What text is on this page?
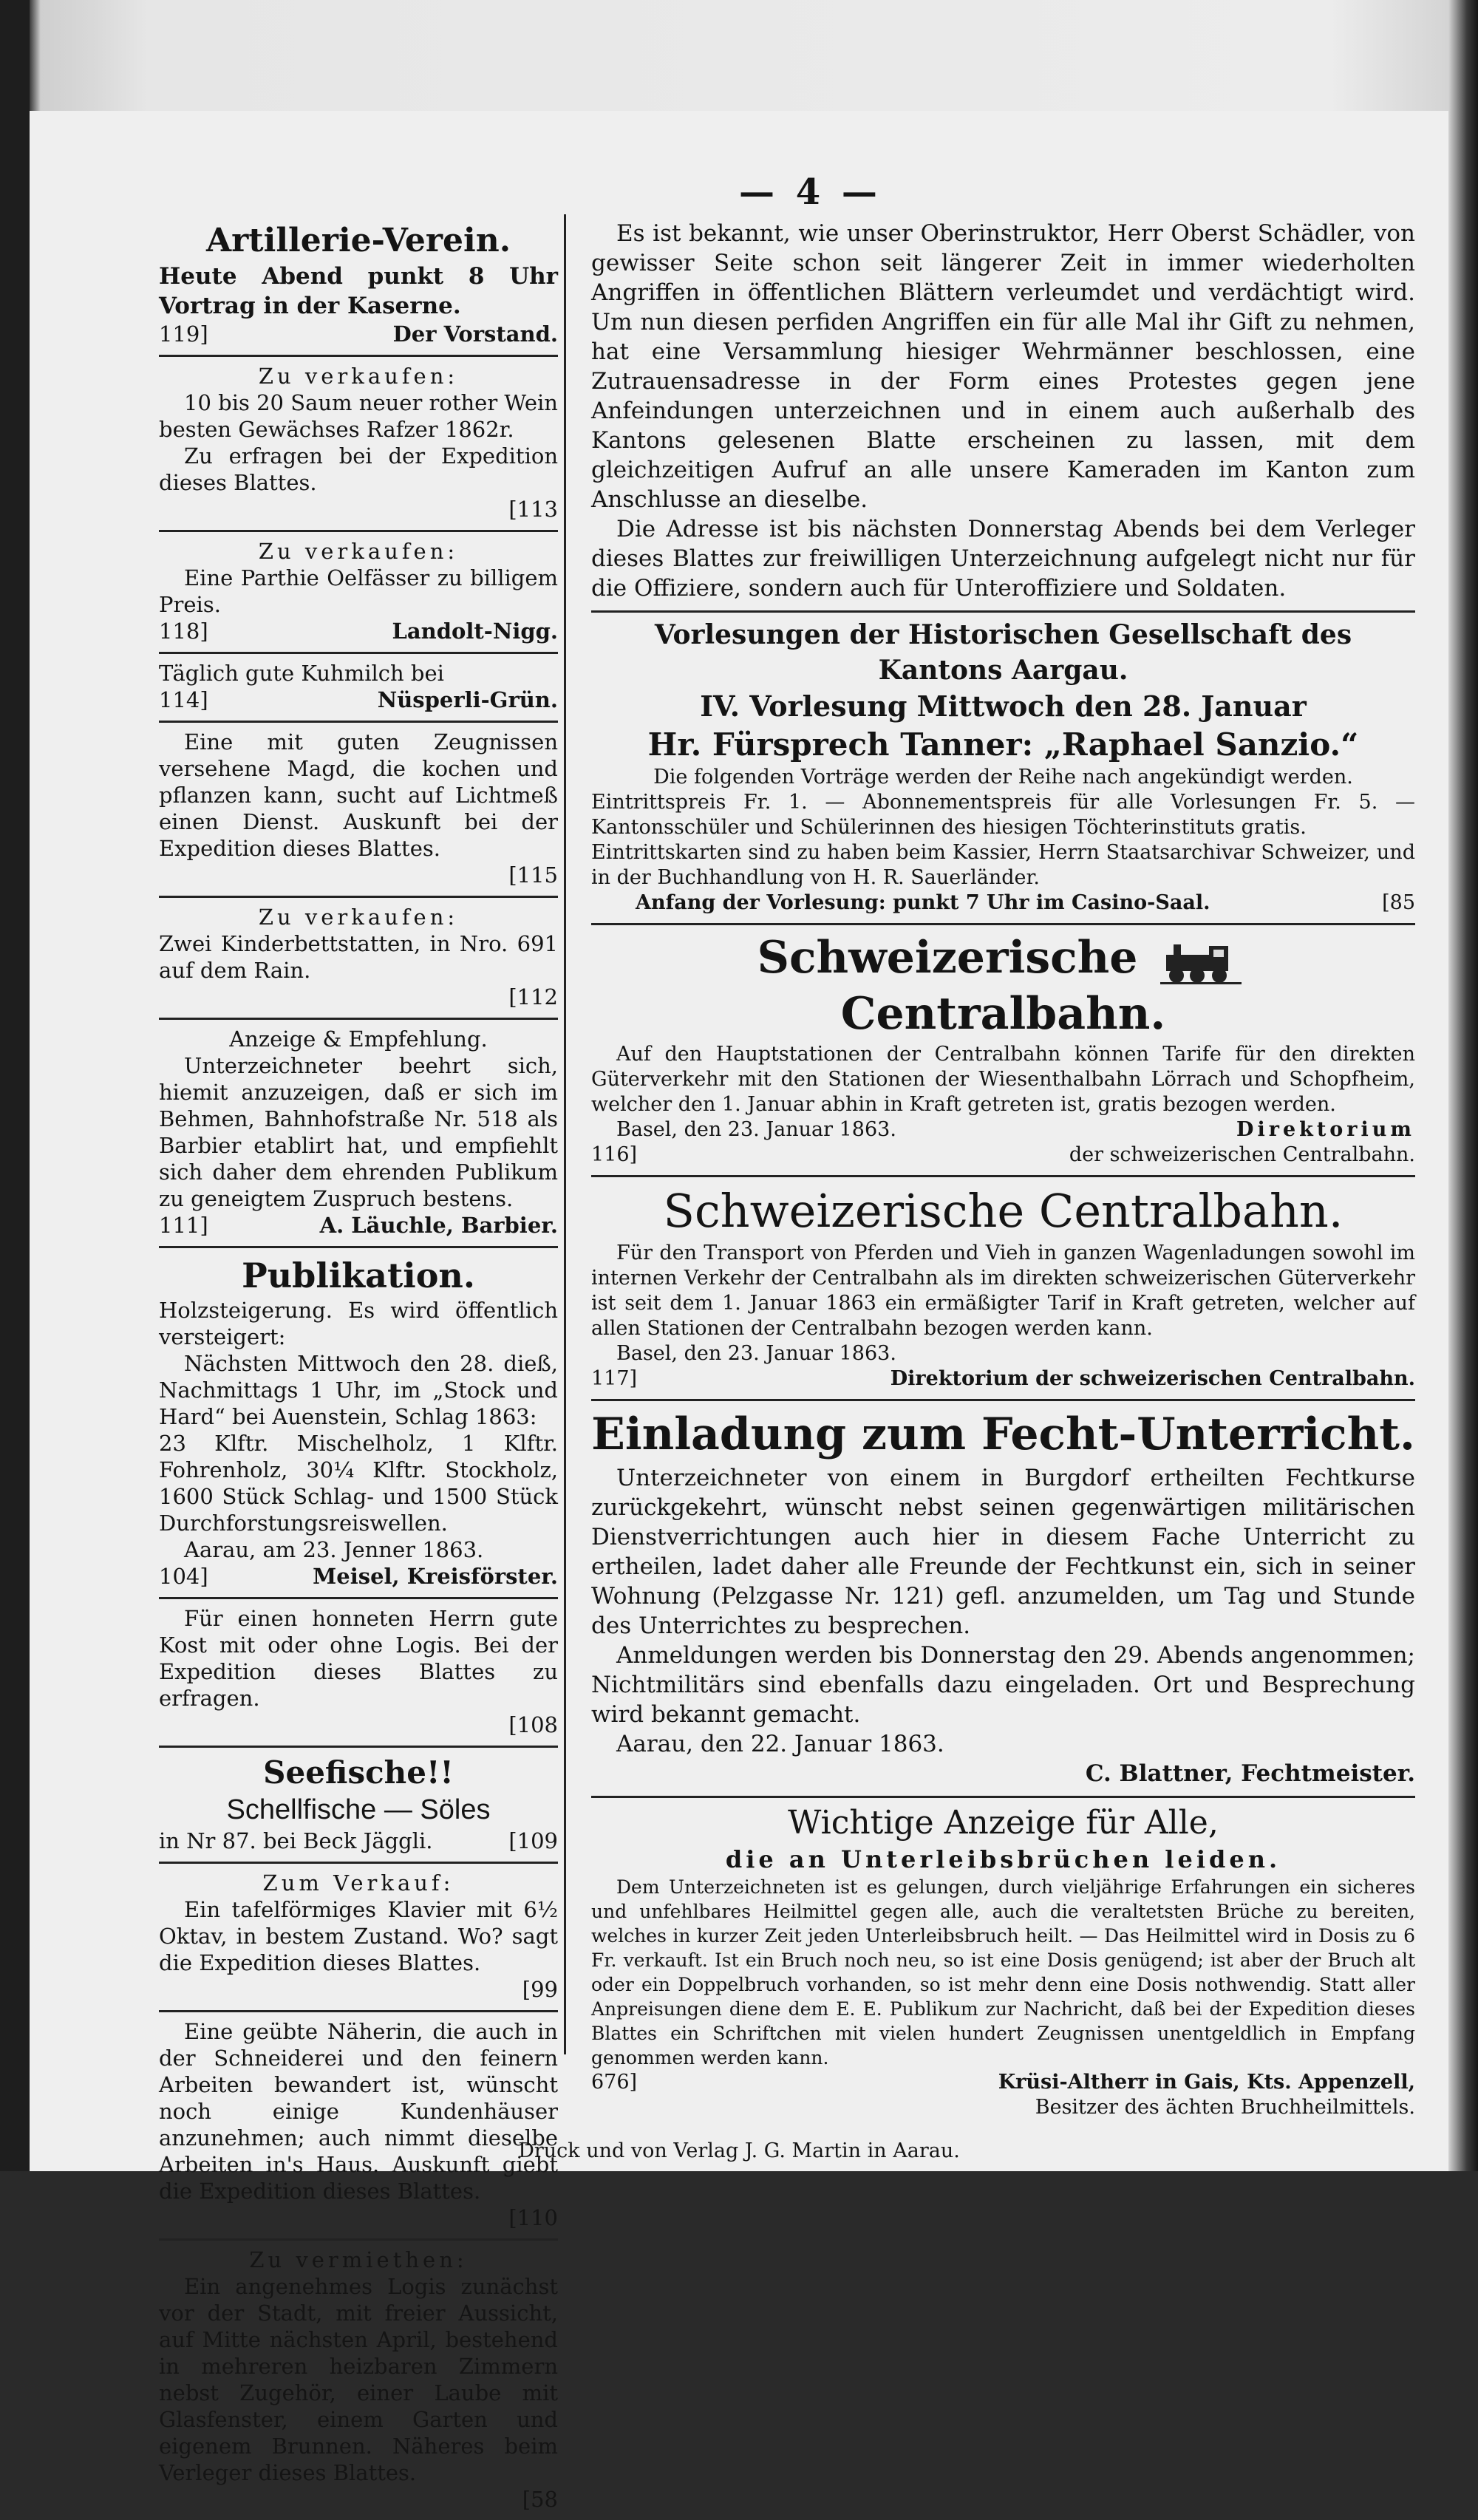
— 4 —
Artillerie-Verein.
Heute Abend punkt 8 Uhr Vortrag in der Kaserne.
119]	Der Vorstand.
Zu verkaufen:
10 bis 20 Saum neuer rother Wein besten Gewächses Rafzer 1862r.
Zu erfragen bei der Expedition dieses Blattes.
[113
Zu verkaufen:
Eine Parthie Oelfässer zu billigem Preis.
118]	Landolt-Nigg.
Täglich gute Kuhmilch bei
114]	Nüsperli-Grün.
Eine mit guten Zeugnissen versehene Magd, die kochen und pflanzen kann, sucht auf Lichtmeß einen Dienst. Auskunft bei der Expedition dieses Blattes.
[115
Zu verkaufen:
Zwei Kinderbettstatten, in Nro. 691 auf dem Rain.
[112
Anzeige & Empfehlung.
Unterzeichneter beehrt sich, hiemit anzuzeigen, daß er sich im Behmen, Bahnhofstraße Nr. 518 als Barbier etablirt hat, und empfiehlt sich daher dem ehrenden Publikum zu geneigtem Zuspruch bestens.
111]	A. Läuchle, Barbier.
Publikation.
Holzsteigerung. Es wird öffentlich versteigert:
Nächsten Mittwoch den 28. dieß, Nachmittags 1 Uhr, im „Stock und Hard“ bei Auenstein, Schlag 1863:
23 Klftr. Mischelholz, 1 Klftr. Fohrenholz, 30¼ Klftr. Stockholz, 1600 Stück Schlag- und 1500 Stück Durchforstungsreiswellen.
Aarau, am 23. Jenner 1863.
104]	Meisel, Kreisförster.
Für einen honneten Herrn gute Kost mit oder ohne Logis. Bei der Expedition dieses Blattes zu erfragen.
[108
Seefische!!
Schellfische — Söles
in Nr 87. bei Beck Jäggli.	[109
Zum Verkauf:
Ein tafelförmiges Klavier mit 6½ Oktav, in bestem Zustand. Wo? sagt die Expedition dieses Blattes.
[99
Eine geübte Näherin, die auch in der Schneiderei und den feinern Arbeiten bewandert ist, wünscht noch einige Kundenhäuser anzunehmen; auch nimmt dieselbe Arbeiten in's Haus. Auskunft giebt die Expedition dieses Blattes.
[110
Zu vermiethen:
Ein angenehmes Logis zunächst vor der Stadt, mit freier Aussicht, auf Mitte nächsten April, bestehend in mehreren heizbaren Zimmern nebst Zugehör, einer Laube mit Glasfenster, einem Garten und eigenem Brunnen. Näheres beim Verleger dieses Blattes.
[58
Es ist bekannt, wie unser Oberinstruktor, Herr Oberst Schädler, von gewisser Seite schon seit längerer Zeit in immer wiederholten Angriffen in öffentlichen Blättern verleumdet und verdächtigt wird. Um nun diesen perfiden Angriffen ein für alle Mal ihr Gift zu nehmen, hat eine Versammlung hiesiger Wehrmänner beschlossen, eine Zutrauensadresse in der Form eines Protestes gegen jene Anfeindungen unterzeichnen und in einem auch außerhalb des Kantons gelesenen Blatte erscheinen zu lassen, mit dem gleichzeitigen Aufruf an alle unsere Kameraden im Kanton zum Anschlusse an dieselbe.
Die Adresse ist bis nächsten Donnerstag Abends bei dem Verleger dieses Blattes zur freiwilligen Unterzeichnung aufgelegt nicht nur für die Offiziere, sondern auch für Unteroffiziere und Soldaten.
Vorlesungen der Historischen Gesellschaft des Kantons Aargau.
IV. Vorlesung Mittwoch den 28. Januar
Hr. Fürsprech Tanner: „Raphael Sanzio.“
Die folgenden Vorträge werden der Reihe nach angekündigt werden.
Eintrittspreis Fr. 1. — Abonnementspreis für alle Vorlesungen Fr. 5. — Kantonsschüler und Schülerinnen des hiesigen Töchterinstituts gratis.
Eintrittskarten sind zu haben beim Kassier, Herrn Staatsarchivar Schweizer, und in der Buchhandlung von H. R. Sauerländer.
Anfang der Vorlesung: punkt 7 Uhr im Casino-Saal.	[85
Schweizerische  Centralbahn.
Auf den Hauptstationen der Centralbahn können Tarife für den direkten Güterverkehr mit den Stationen der Wiesenthalbahn Lörrach und Schopfheim, welcher den 1. Januar abhin in Kraft getreten ist, gratis bezogen werden.
Basel, den 23. Januar 1863.	Direktorium
116]	der schweizerischen Centralbahn.
Schweizerische Centralbahn.
Für den Transport von Pferden und Vieh in ganzen Wagenladungen sowohl im internen Verkehr der Centralbahn als im direkten schweizerischen Güterverkehr ist seit dem 1. Januar 1863 ein ermäßigter Tarif in Kraft getreten, welcher auf allen Stationen der Centralbahn bezogen werden kann.
Basel, den 23. Januar 1863.
117]	Direktorium der schweizerischen Centralbahn.
Einladung zum Fecht-Unterricht.
Unterzeichneter von einem in Burgdorf ertheilten Fechtkurse zurückgekehrt, wünscht nebst seinen gegenwärtigen militärischen Dienstverrichtungen auch hier in diesem Fache Unterricht zu ertheilen, ladet daher alle Freunde der Fechtkunst ein, sich in seiner Wohnung (Pelzgasse Nr. 121) gefl. anzumelden, um Tag und Stunde des Unterrichtes zu besprechen.
Anmeldungen werden bis Donnerstag den 29. Abends angenommen; Nichtmilitärs sind ebenfalls dazu eingeladen. Ort und Besprechung wird bekannt gemacht.
Aarau, den 22. Januar 1863.
C. Blattner, Fechtmeister.
Wichtige Anzeige für Alle,
die an Unterleibsbrüchen leiden.
Dem Unterzeichneten ist es gelungen, durch vieljährige Erfahrungen ein sicheres und unfehlbares Heilmittel gegen alle, auch die veraltetsten Brüche zu bereiten, welches in kurzer Zeit jeden Unterleibsbruch heilt. — Das Heilmittel wird in Dosis zu 6 Fr. verkauft. Ist ein Bruch noch neu, so ist eine Dosis genügend; ist aber der Bruch alt oder ein Doppelbruch vorhanden, so ist mehr denn eine Dosis nothwendig. Statt aller Anpreisungen diene dem E. E. Publikum zur Nachricht, daß bei der Expedition dieses Blattes ein Schriftchen mit vielen hundert Zeugnissen unentgeldlich in Empfang genommen werden kann.
676]	Krüsi-Altherr in Gais, Kts. Appenzell,
Besitzer des ächten Bruchheilmittels.
Druck und von Verlag J. G. Martin in Aarau.
